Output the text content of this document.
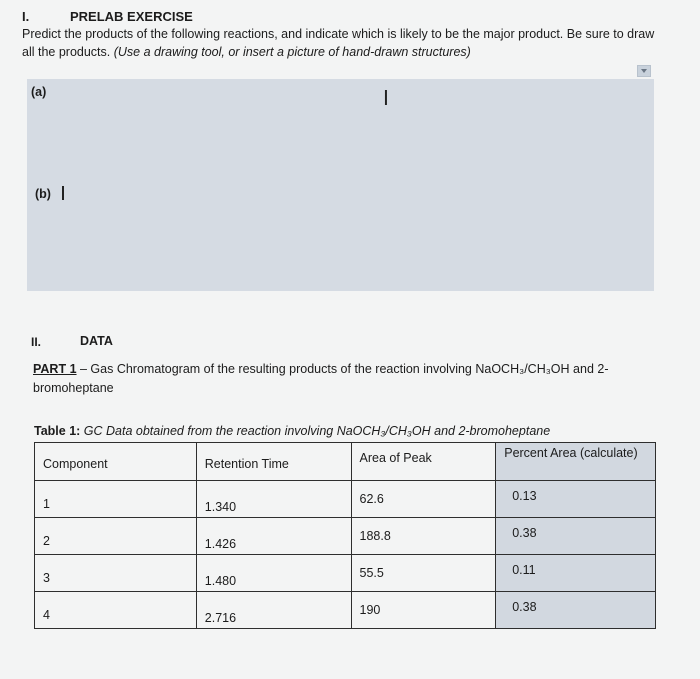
I.	PRELAB EXERCISE
Predict the products of the following reactions, and indicate which is likely to be the major product. Be sure to draw all the products. (Use a drawing tool, or insert a picture of hand-drawn structures)
(a)	I
(b)
II.	DATA
PART 1 – Gas Chromatogram of the resulting products of the reaction involving NaOCH₃/CH₃OH and 2-bromoheptane
Table 1: GC Data obtained from the reaction involving NaOCH₃/CH₃OH and 2-bromoheptane
Component	Retention Time	Area of Peak	Percent Area (calculate)

1	1.340	62.6	0.13

2	1.426	188.8	0.38

3	1.480	55.5	0.11

4	2.716	190	0.38
